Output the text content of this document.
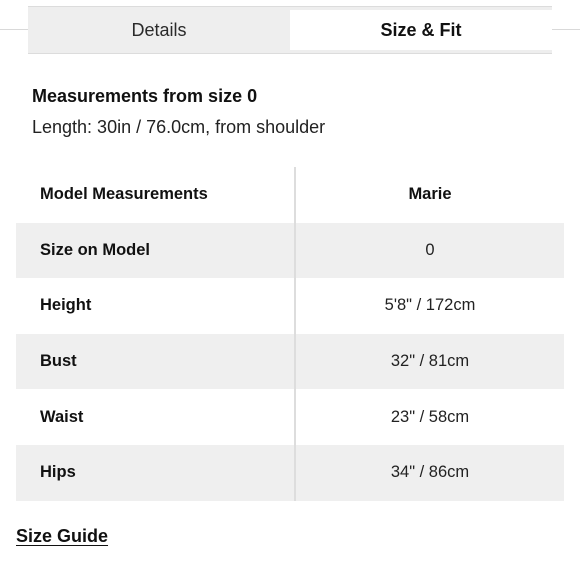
Details	Size & Fit
Measurements from size 0
Length: 30in / 76.0cm, from shoulder
Model Measurements	Marie
Size on Model	0
Height	5'8" / 172cm
Bust	32" / 81cm
Waist	23" / 58cm
Hips	34" / 86cm
Size Guide
